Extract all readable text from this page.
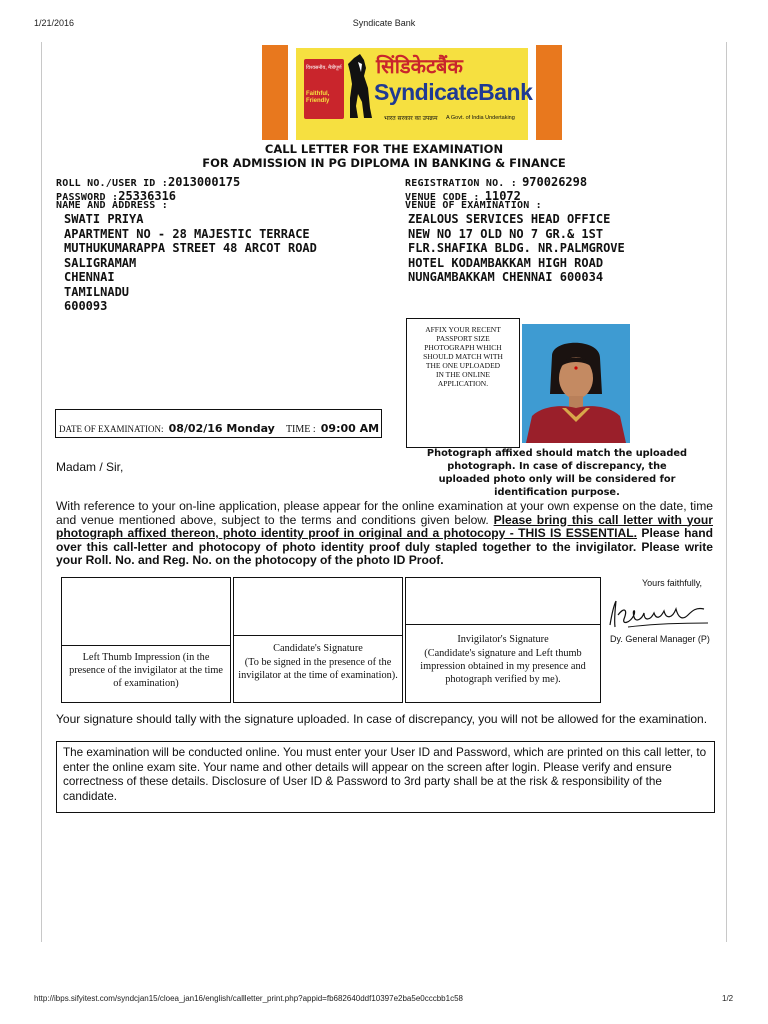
1/21/2016	Syndicate Bank
विश्वसनीय, मैत्रीपूर्ण
Faithful, Friendly
सिंडिकेटबैंक
SyndicateBank
भारत सरकार का उपक्रम A Govt. of India Undertaking
CALL LETTER FOR THE EXAMINATION
FOR ADMISSION IN PG DIPLOMA IN BANKING & FINANCE
ROLL NO./USER ID :2013000175
PASSWORD :25336316
NAME AND ADDRESS :
SWATI PRIYA
APARTMENT NO - 28 MAJESTIC TERRACE
MUTHUKUMARAPPA STREET 48 ARCOT ROAD
SALIGRAMAM
CHENNAI
TAMILNADU
600093
REGISTRATION NO. : 970026298
VENUE CODE : 11072
VENUE OF EXAMINATION :
ZEALOUS SERVICES HEAD OFFICE
NEW NO 17 OLD NO 7 GR.& 1ST
FLR.SHAFIKA BLDG. NR.PALMGROVE
HOTEL KODAMBAKKAM HIGH ROAD
NUNGAMBAKKAM CHENNAI 600034
AFFIX YOUR RECENT PASSPORT SIZE PHOTOGRAPH WHICH SHOULD MATCH WITH THE ONE UPLOADED IN THE ONLINE APPLICATION.
Photograph affixed should match the uploaded photograph. In case of discrepancy, the uploaded photo only will be considered for identification purpose.
DATE OF EXAMINATION: 08/02/16 Monday TIME : 09:00 AM
Madam / Sir,
With reference to your on-line application, please appear for the online examination at your own expense on the date, time and venue mentioned above, subject to the terms and conditions given below. Please bring this call letter with your photograph affixed thereon, photo identity proof in original and a photocopy - THIS IS ESSENTIAL. Please hand over this call-letter and photocopy of photo identity proof duly stapled together to the invigilator. Please write your Roll. No. and Reg. No. on the photocopy of the photo ID Proof.
Left Thumb Impression (in the presence of the invigilator at the time of examination)
Candidate's Signature
(To be signed in the presence of the invigilator at the time of examination).
Invigilator's Signature
(Candidate's signature and Left thumb impression obtained in my presence and photograph verified by me).
Yours faithfully,
Dy. General Manager (P)
Your signature should tally with the signature uploaded. In case of discrepancy, you will not be allowed for the examination.
The examination will be conducted online. You must enter your User ID and Password, which are printed on this call letter, to enter the online exam site. Your name and other details will appear on the screen after login. Please verify and ensure correctness of these details. Disclosure of User ID & Password to 3rd party shall be at the risk & responsibility of the candidate.
http://ibps.sifyitest.com/syndcjan15/cloea_jan16/english/callletter_print.php?appid=fb682640ddf10397e2ba5e0cccbb1c58	1/2
